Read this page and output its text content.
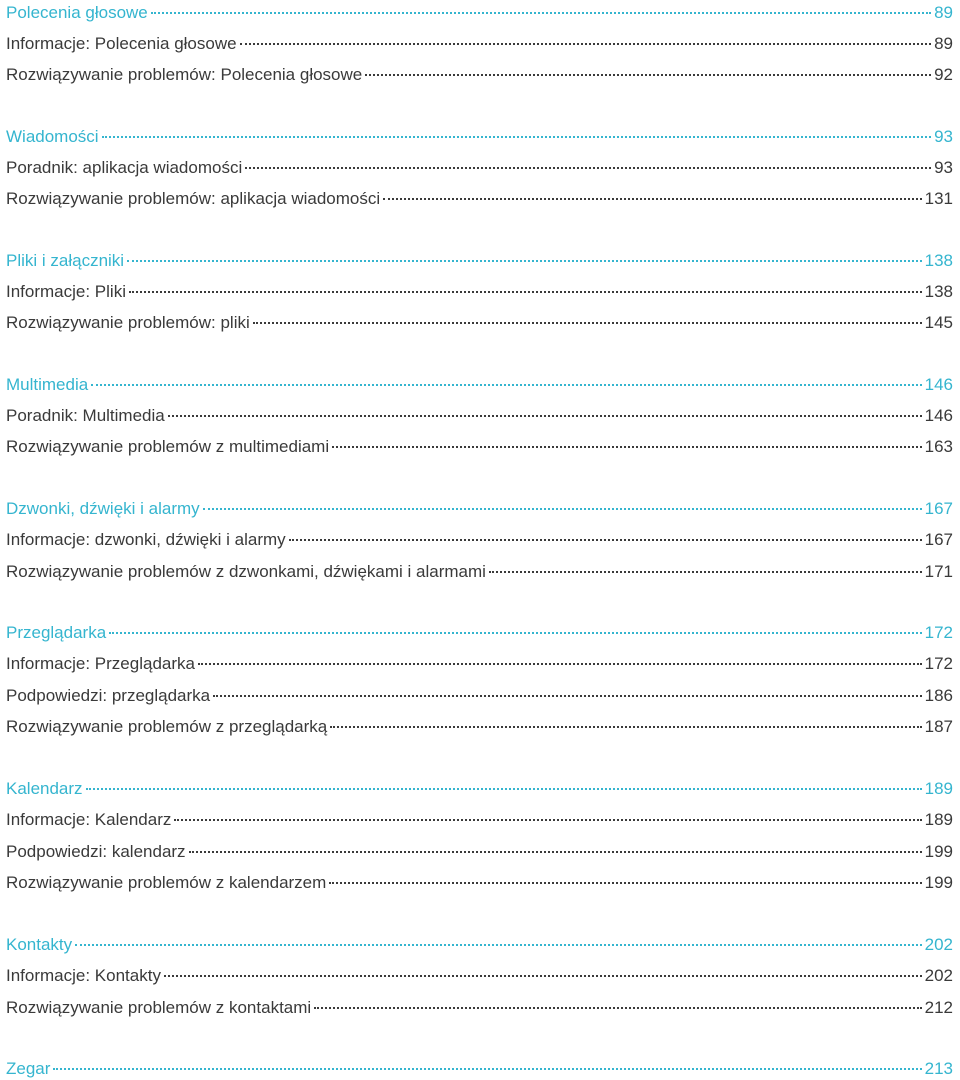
Polecenia głosowe	89
Informacje: Polecenia głosowe	89
Rozwiązywanie problemów: Polecenia głosowe	92
Wiadomości	93
Poradnik: aplikacja wiadomości	93
Rozwiązywanie problemów: aplikacja wiadomości	131
Pliki i załączniki	138
Informacje: Pliki	138
Rozwiązywanie problemów: pliki	145
Multimedia	146
Poradnik: Multimedia	146
Rozwiązywanie problemów z multimediami	163
Dzwonki, dźwięki i alarmy	167
Informacje: dzwonki, dźwięki i alarmy	167
Rozwiązywanie problemów z dzwonkami, dźwiękami i alarmami	171
Przeglądarka	172
Informacje: Przeglądarka	172
Podpowiedzi: przeglądarka	186
Rozwiązywanie problemów z przeglądarką	187
Kalendarz	189
Informacje: Kalendarz	189
Podpowiedzi: kalendarz	199
Rozwiązywanie problemów z kalendarzem	199
Kontakty	202
Informacje: Kontakty	202
Rozwiązywanie problemów z kontaktami	212
Zegar	213
